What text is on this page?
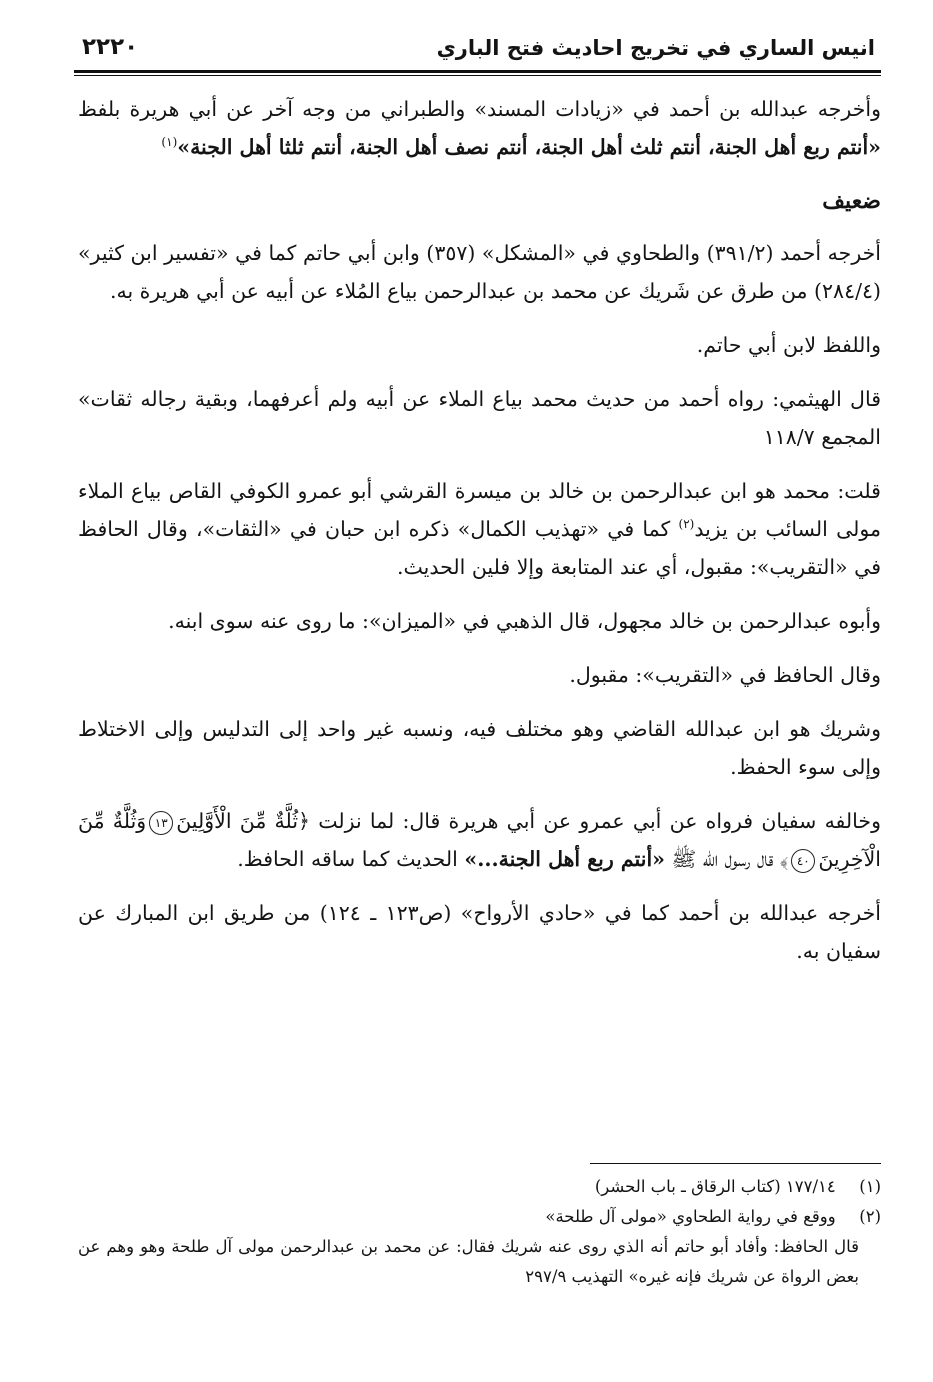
انيس الساري في تخريج احاديث فتح الباري
٢٢٢٠

وأخرجه عبدالله بن أحمد في «زيادات المسند» والطبراني من وجه آخر عن أبي هريرة بلفظ «أنتم ربع أهل الجنة، أنتم ثلث أهل الجنة، أنتم نصف أهل الجنة، أنتم ثلثا أهل الجنة»$^{(١)}$

ضعيف

أخرجه أحمد (٣٩١/٢) والطحاوي في «المشكل» (٣٥٧) وابن أبي حاتم كما في «تفسير ابن كثير» (٢٨٤/٤) من طرق عن شَريك عن محمد بن عبدالرحمن بياع المُلاء عن أبيه عن أبي هريرة به.

واللفظ لابن أبي حاتم.

قال الهيثمي: رواه أحمد من حديث محمد بياع الملاء عن أبيه ولم أعرفهما، وبقية رجاله ثقات» المجمع ١١٨/٧

قلت: محمد هو ابن عبدالرحمن بن خالد بن ميسرة القرشي أبو عمرو الكوفي القاص بياع الملاء مولى السائب بن يزيد$^{(٢)}$ كما في «تهذيب الكمال» ذكره ابن حبان في «الثقات»، وقال الحافظ في «التقريب»: مقبول، أي عند المتابعة وإلا فلين الحديث.

وأبوه عبدالرحمن بن خالد مجهول، قال الذهبي في «الميزان»: ما روى عنه سوى ابنه.

وقال الحافظ في «التقريب»: مقبول.

وشريك هو ابن عبدالله القاضي وهو مختلف فيه، ونسبه غير واحد إلى التدليس وإلى الاختلاط وإلى سوء الحفظ.

وخالفه سفيان فرواه عن أبي عمرو عن أبي هريرة قال: لما نزلت ﴿ثُلَّةٌ مِّنَ الْأَوَّلِينَ١٣وَثُلَّةٌ مِّنَ الْآخِرِينَ٤٠﴾ قال رسول الله ﷺ «أنتم ربع أهل الجنة...» الحديث كما ساقه الحافظ.

أخرجه عبدالله بن أحمد كما في «حادي الأرواح» (ص١٢٣ ـ ١٢٤) من طريق ابن المبارك عن سفيان به.

(١) ١٧٧/١٤ (كتاب الرقاق ـ باب الحشر)

(٢) ووقع في رواية الطحاوي «مولى آل طلحة»

قال الحافظ: وأفاد أبو حاتم أنه الذي روى عنه شريك فقال: عن محمد بن عبدالرحمن مولى آل طلحة وهو وهم عن بعض الرواة عن شريك فإنه غيره» التهذيب ٢٩٧/٩
